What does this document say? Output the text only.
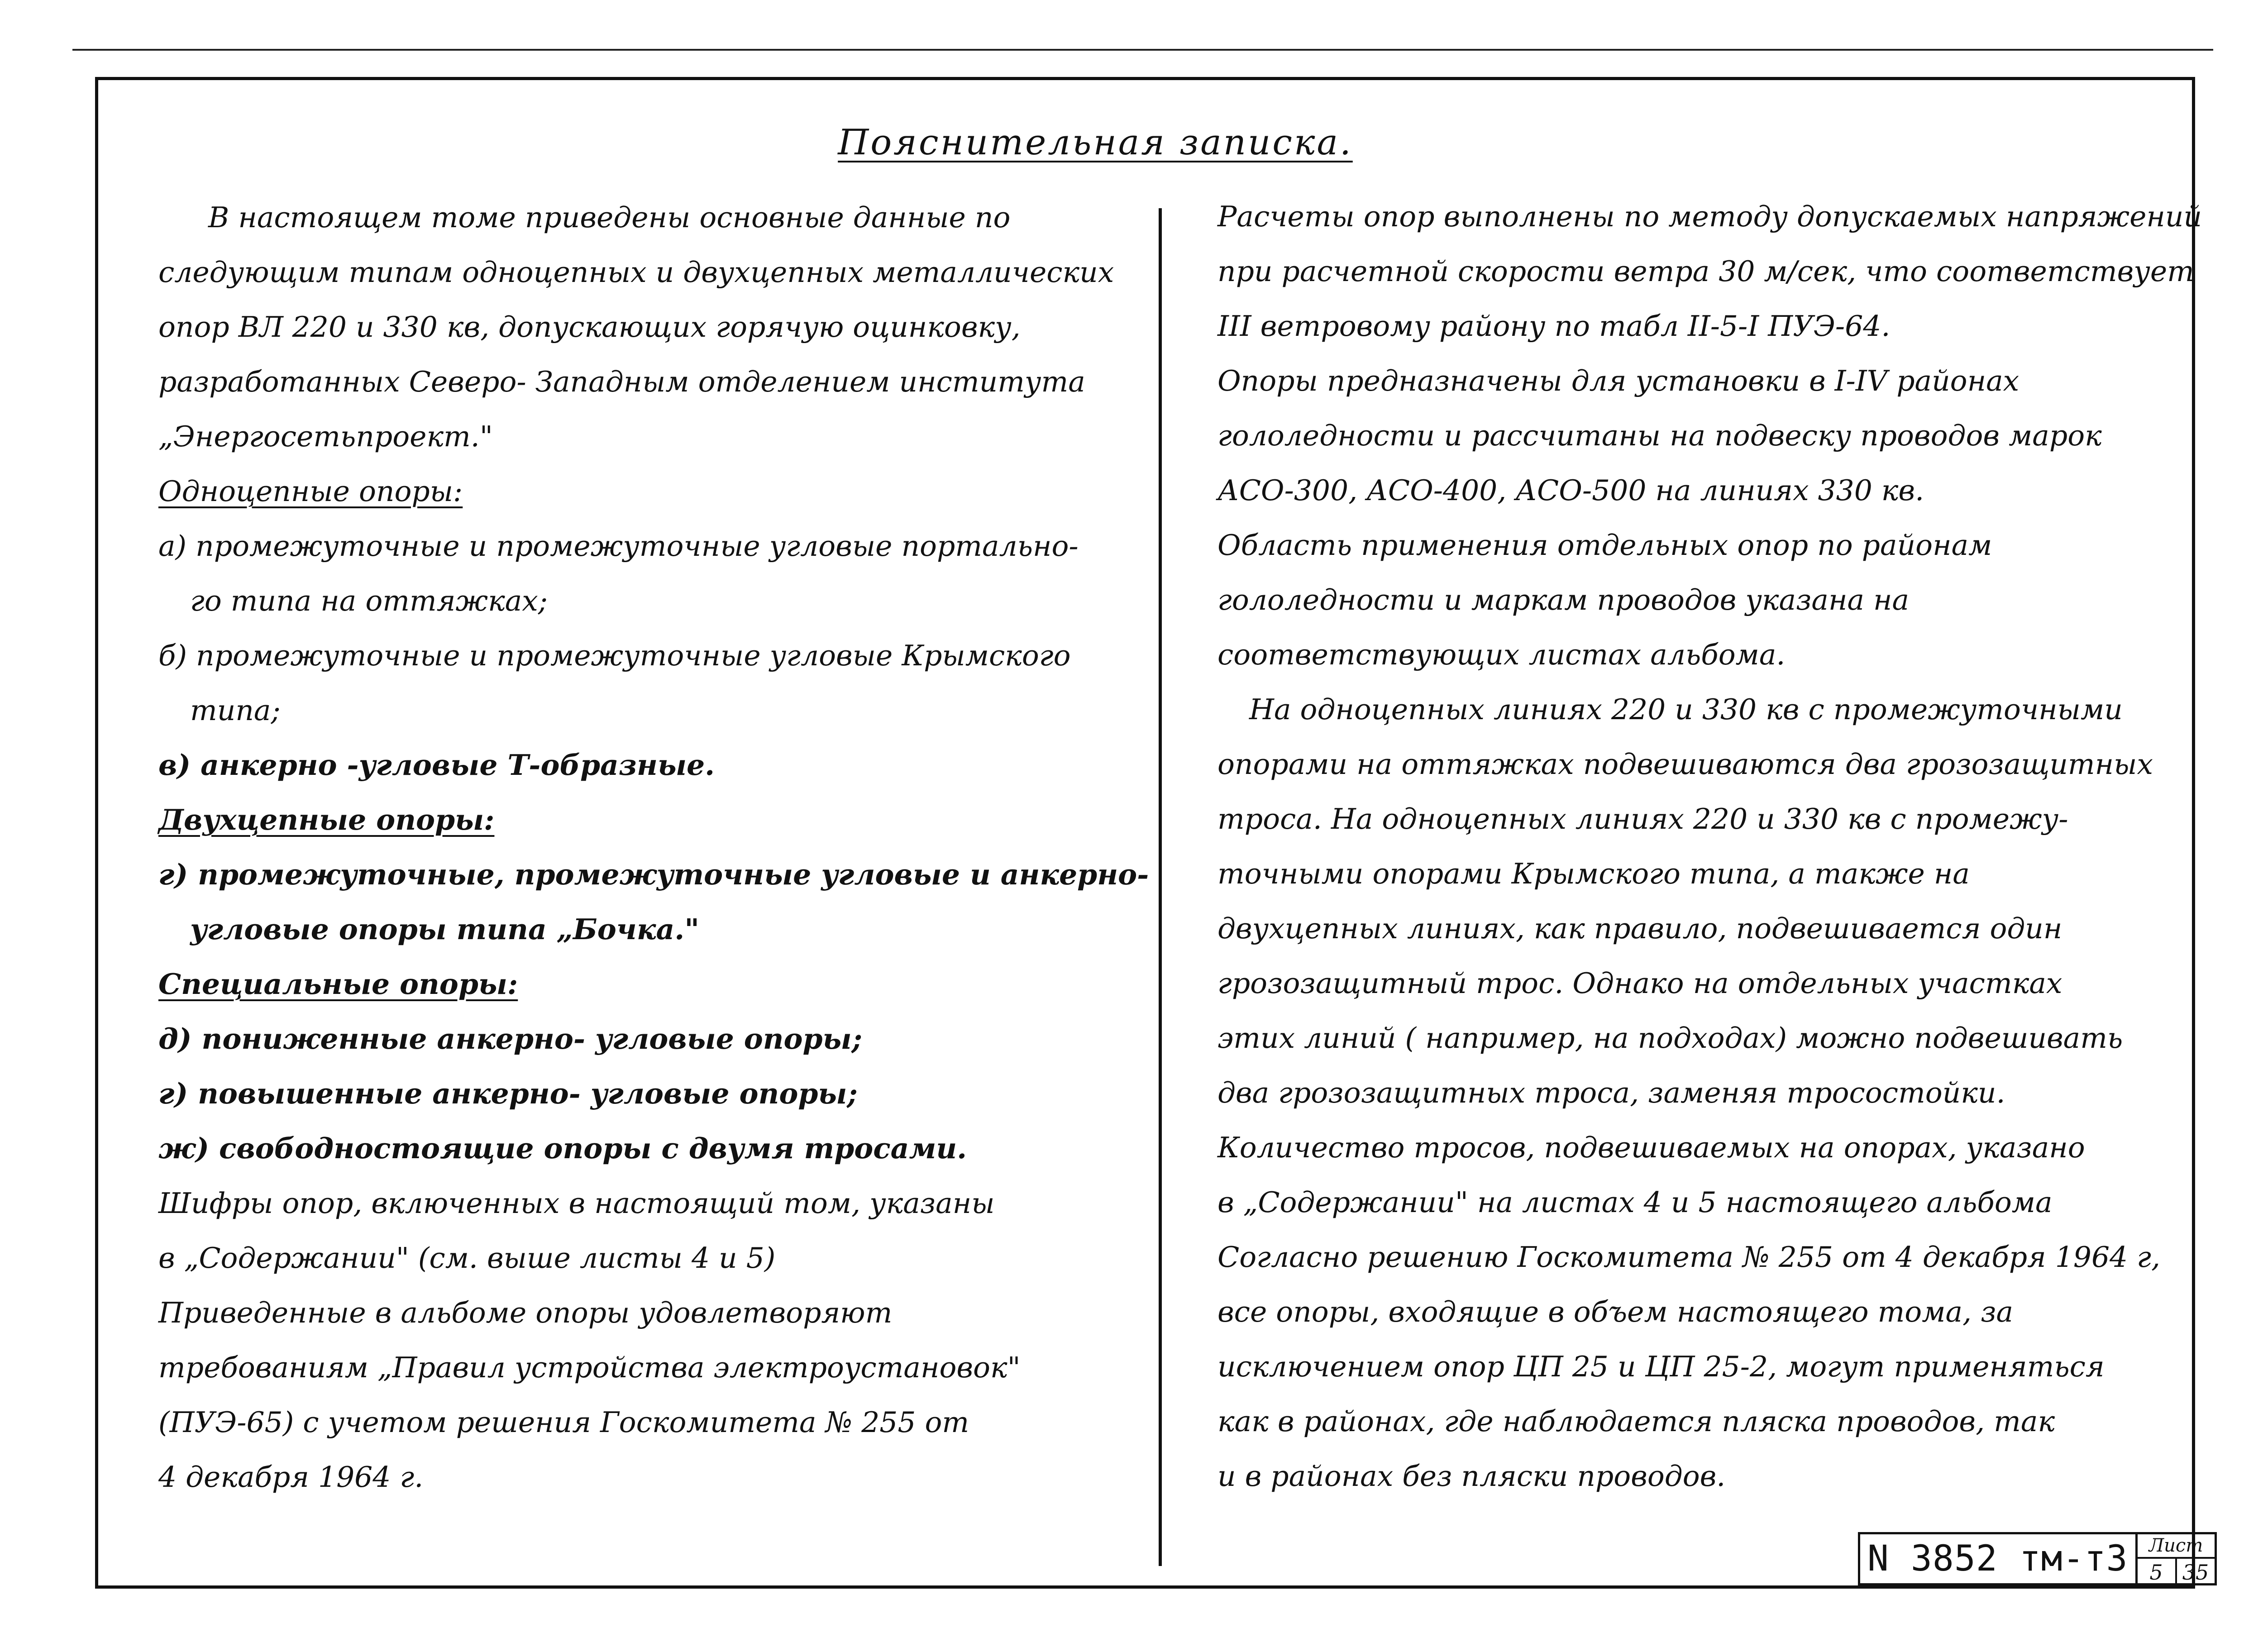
Пояснительная записка.
В настоящем томе приведены основные данные по
следующим типам одноцепных и двухцепных металлических
опор ВЛ 220 и 330 кв, допускающих горячую оцинковку,
разработанных Северо- Западным отделением института
„Энергосетьпроект."
Одноцепные опоры:
а) промежуточные и промежуточные угловые портально-
го типа на оттяжках;
б) промежуточные и промежуточные угловые Крымского
типа;
в) анкерно -угловые Т-образные.
Двухцепные опоры:
г) промежуточные, промежуточные угловые и анкерно-
угловые опоры типа „Бочка."
Специальные опоры:
д) пониженные анкерно- угловые опоры;
г) повышенные анкерно- угловые опоры;
ж) свободностоящие опоры с двумя тросами.
Шифры опор, включенных в настоящий том, указаны
в „Содержании" (см. выше листы 4 и 5)
Приведенные в альбоме опоры удовлетворяют
требованиям „Правил устройства электроустановок"
(ПУЭ-65) с учетом решения Госкомитета № 255 от
4 декабря 1964 г.
Расчеты опор выполнены по методу допускаемых напряжений
при расчетной скорости ветра 30 м/сек, что соответствует
III ветровому району по табл II-5-I ПУЭ-64.
Опоры предназначены для установки в I-IV районах
гололедности и рассчитаны на подвеску проводов марок
АСО-300, АСО-400, АСО-500 на линиях 330 кв.
Область применения отдельных опор по районам
гололедности и маркам проводов указана на
соответствующих листах альбома.
На одноцепных линиях 220 и 330 кв с промежуточными
опорами на оттяжках подвешиваются два грозозащитных
троса. На одноцепных линиях 220 и 330 кв с промежу-
точными опорами Крымского типа, а также на
двухцепных линиях, как правило, подвешивается один
грозозащитный трос. Однако на отдельных участках
этих линий ( например, на подходах) можно подвешивать
два грозозащитных троса, заменяя тросостойки.
Количество тросов, подвешиваемых на опорах, указано
в „Содержании" на листах 4 и 5 настоящего альбома
Согласно решению Госкомитета № 255 от 4 декабря 1964 г,
все опоры, входящие в объем настоящего тома, за
исключением опор ЦП 25 и ЦП 25-2, могут применяться
как в районах, где наблюдается пляска проводов, так
и в районах без пляски проводов.
N 3852 тм-т3	Лист
5 35
